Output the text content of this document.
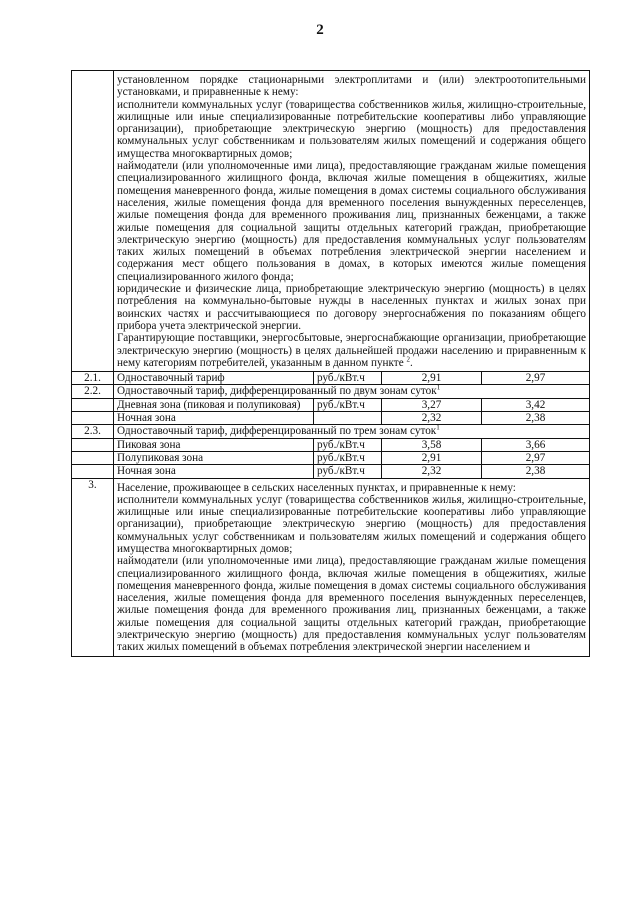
2

	установленном порядке стационарными электроплитами и (или) электроотопительными установками, и приравненные к нему:

исполнители коммунальных услуг (товарищества собственников жилья, жилищно-строительные, жилищные или иные специализированные потребительские кооперативы либо управляющие организации), приобретающие электрическую энергию (мощность) для предоставления коммунальных услуг собственникам и пользователям жилых помещений и содержания общего имущества многоквартирных домов;

наймодатели (или уполномоченные ими лица), предоставляющие гражданам жилые помещения специализированного жилищного фонда, включая жилые помещения в общежитиях, жилые помещения маневренного фонда, жилые помещения в домах системы социального обслуживания населения, жилые помещения фонда для временного поселения вынужденных переселенцев, жилые помещения фонда для временного проживания лиц, признанных беженцами, а также жилые помещения для социальной защиты отдельных категорий граждан, приобретающие электрическую энергию (мощность) для предоставления коммунальных услуг пользователям таких жилых помещений в объемах потребления электрической энергии населением и содержания мест общего пользования в домах, в которых имеются жилые помещения специализированного жилого фонда;

юридические и физические лица, приобретающие электрическую энергию (мощность) в целях потребления на коммунально-бытовые нужды в населенных пунктах и жилых зонах при воинских частях и рассчитывающиеся по договору энергоснабжения по показаниям общего прибора учета электрической энергии.

Гарантирующие поставщики, энергосбытовые, энергоснабжающие организации, приобретающие электрическую энергию (мощность) в целях дальнейшей продажи населению и приравненным к нему категориям потребителей, указанным в данном пункте $^2$.			

2.1.	Одноставочный тариф	руб./кВт.ч	2,91	2,97
2.2.	Одноставочный тариф, дифференцированный по двум зонам суток$^1$
	Дневная зона (пиковая и полупиковая)	руб./кВт.ч	3,27	3,42
	Ночная зона		2,32	2,38
2.3.	Одноставочный тариф, дифференцированный по трем зонам суток$^1$
	Пиковая зона	руб./кВт.ч	3,58	3,66
	Полупиковая зона	руб./кВт.ч	2,91	2,97
	Ночная зона	руб./кВт.ч	2,32	2,38
3.	Население, проживающее в сельских населенных пунктах, и приравненные к нему:

исполнители коммунальных услуг (товарищества собственников жилья, жилищно-строительные, жилищные или иные специализированные потребительские кооперативы либо управляющие организации), приобретающие электрическую энергию (мощность) для предоставления коммунальных услуг собственникам и пользователям жилых помещений и содержания общего имущества многоквартирных домов;

наймодатели (или уполномоченные ими лица), предоставляющие гражданам жилые помещения специализированного жилищного фонда, включая жилые помещения в общежитиях, жилые помещения маневренного фонда, жилые помещения в домах системы социального обслуживания населения, жилые помещения фонда для временного поселения вынужденных переселенцев, жилые помещения фонда для временного проживания лиц, признанных беженцами, а также жилые помещения для социальной защиты отдельных категорий граждан, приобретающие электрическую энергию (мощность) для предоставления коммунальных услуг пользователям таких жилых помещений в объемах потребления электрической энергии населением и			
